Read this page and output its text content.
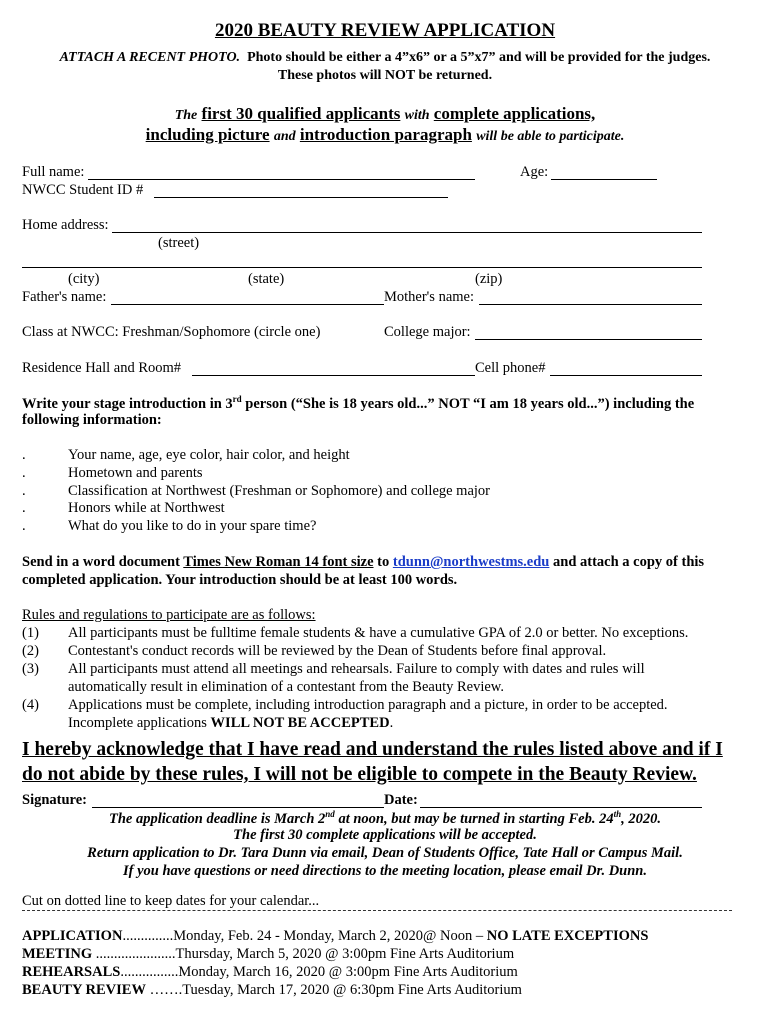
2020 BEAUTY REVIEW APPLICATION
ATTACH A RECENT PHOTO. Photo should be either a 4”x6” or a 5”x7” and will be provided for the judges.
These photos will NOT be returned.
The first 30 qualified applicants with complete applications,
including picture and introduction paragraph will be able to participate.
Full name:	Age:
NWCC Student ID #
Home address:
(street)
(city)	(state)	(zip)
Father's name:	Mother's name:
Class at NWCC: Freshman/Sophomore (circle one)	College major:
Residence Hall and Room#	Cell phone#
Write your stage introduction in 3rd person (“She is 18 years old...” NOT “I am 18 years old...”) including the
following information:
.	Your name, age, eye color, hair color, and height
.	Hometown and parents
.	Classification at Northwest (Freshman or Sophomore) and college major
.	Honors while at Northwest
.	What do you like to do in your spare time?
Send in a word document Times New Roman 14 font size to tdunn@northwestms.edu and attach a copy of this
completed application. Your introduction should be at least 100 words.
Rules and regulations to participate are as follows:
(1) All participants must be fulltime female students & have a cumulative GPA of 2.0 or better. No exceptions.
(2) Contestant's conduct records will be reviewed by the Dean of Students before final approval.
(3) All participants must attend all meetings and rehearsals. Failure to comply with dates and rules will
automatically result in elimination of a contestant from the Beauty Review.
(4) Applications must be complete, including introduction paragraph and a picture, in order to be accepted.
Incomplete applications WILL NOT BE ACCEPTED.
I hereby acknowledge that I have read and understand the rules listed above and if I
do not abide by these rules, I will not be eligible to compete in the Beauty Review.
Signature:	Date:
The application deadline is March 2nd at noon, but may be turned in starting Feb. 24th, 2020.
The first 30 complete applications will be accepted.
Return application to Dr. Tara Dunn via email, Dean of Students Office, Tate Hall or Campus Mail.
If you have questions or need directions to the meeting location, please email Dr. Dunn.
Cut on dotted line to keep dates for your calendar...
APPLICATION..............Monday, Feb. 24 - Monday, March 2, 2020@ Noon – NO LATE EXCEPTIONS
MEETING ......................Thursday, March 5, 2020 @ 3:00pm Fine Arts Auditorium
REHEARSALS................Monday, March 16, 2020 @ 3:00pm Fine Arts Auditorium
BEAUTY REVIEW …….Tuesday, March 17, 2020 @ 6:30pm Fine Arts Auditorium
